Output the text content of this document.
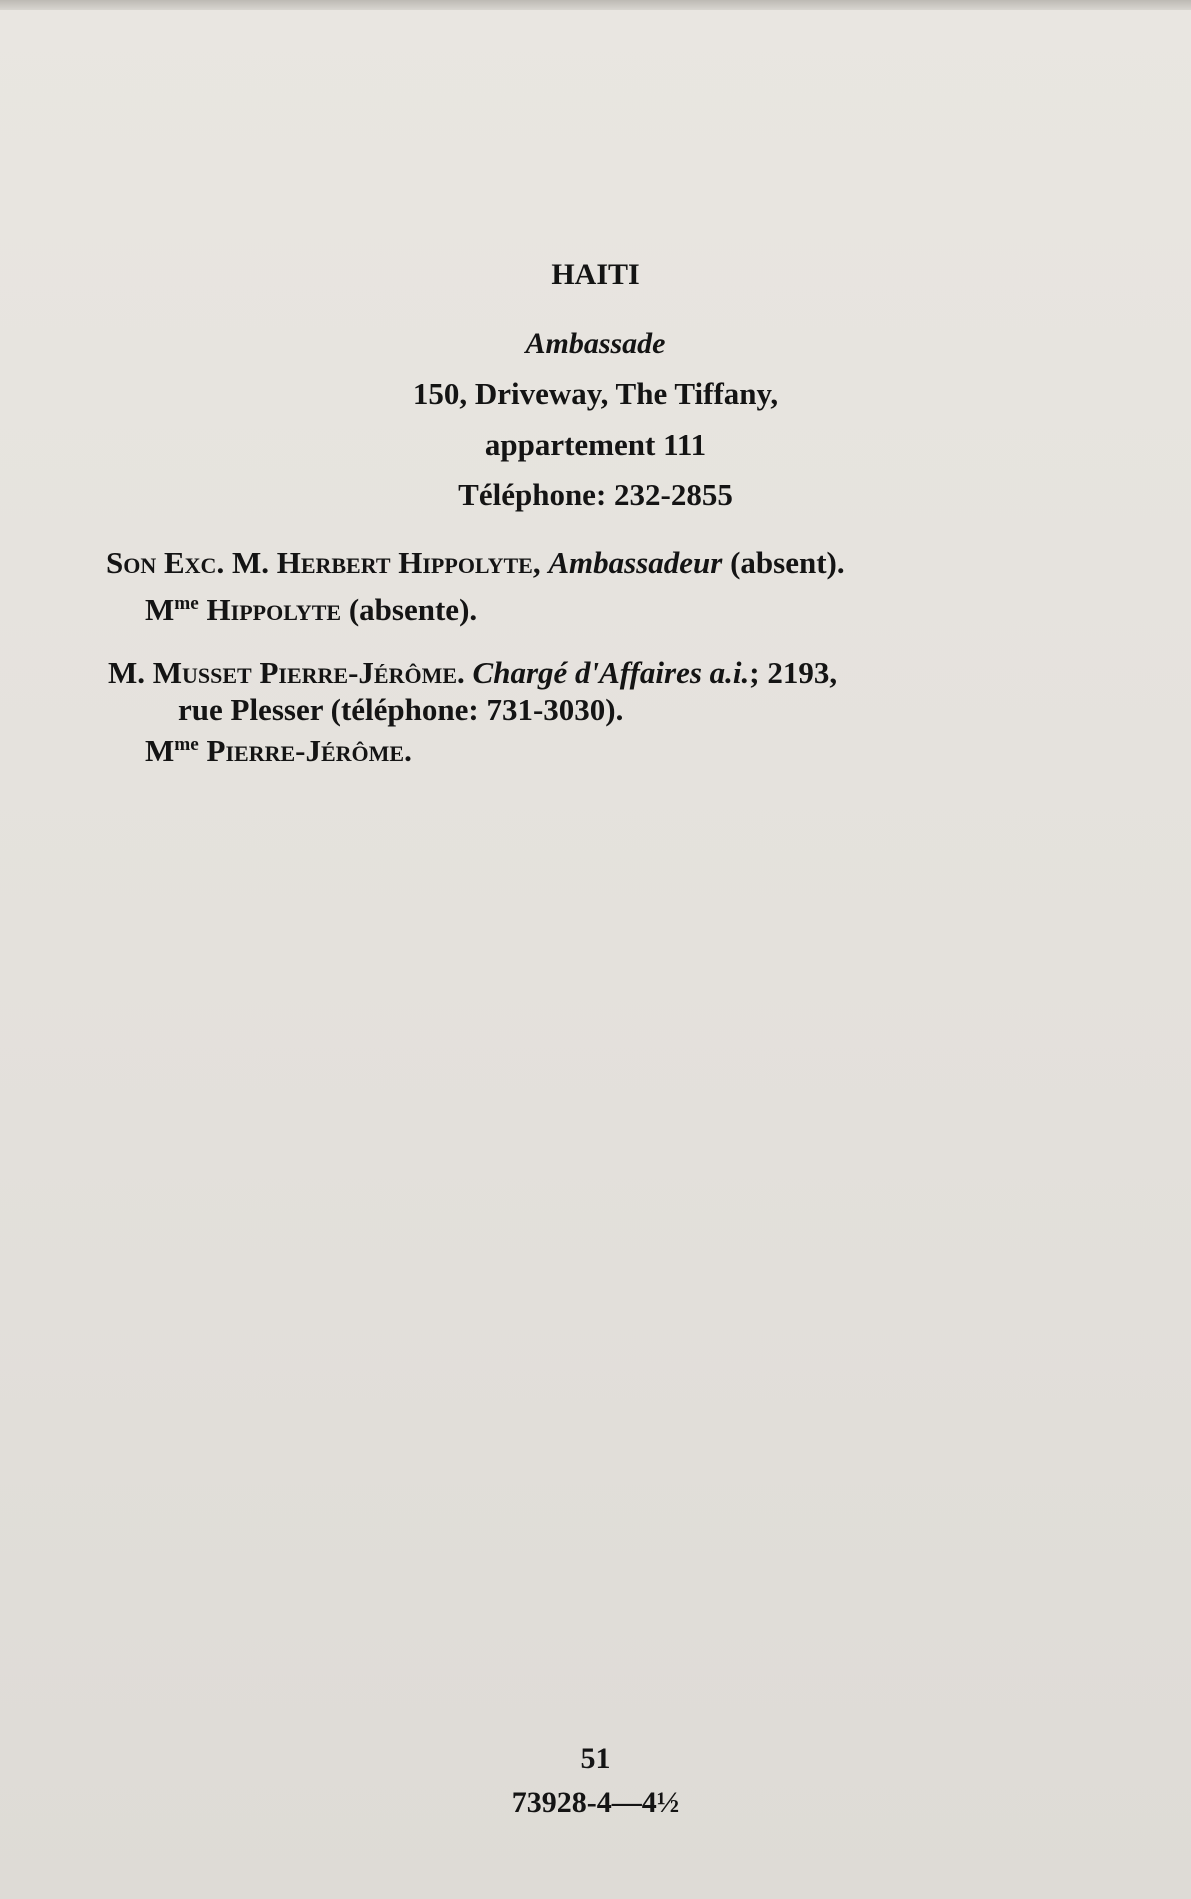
HAITI
Ambassade
150, Driveway, The Tiffany,
appartement 111
Téléphone: 232-2855
Son Exc. M. Herbert Hippolyte, Ambassadeur (absent).
$M^{me}$ Hippolyte (absente).
M. Musset Pierre-Jérôme. Chargé d'Affaires a.i.; 2193,
rue Plesser (téléphone: 731-3030).
$M^{me}$ Pierre-Jérôme.
51
73928-4—4½
